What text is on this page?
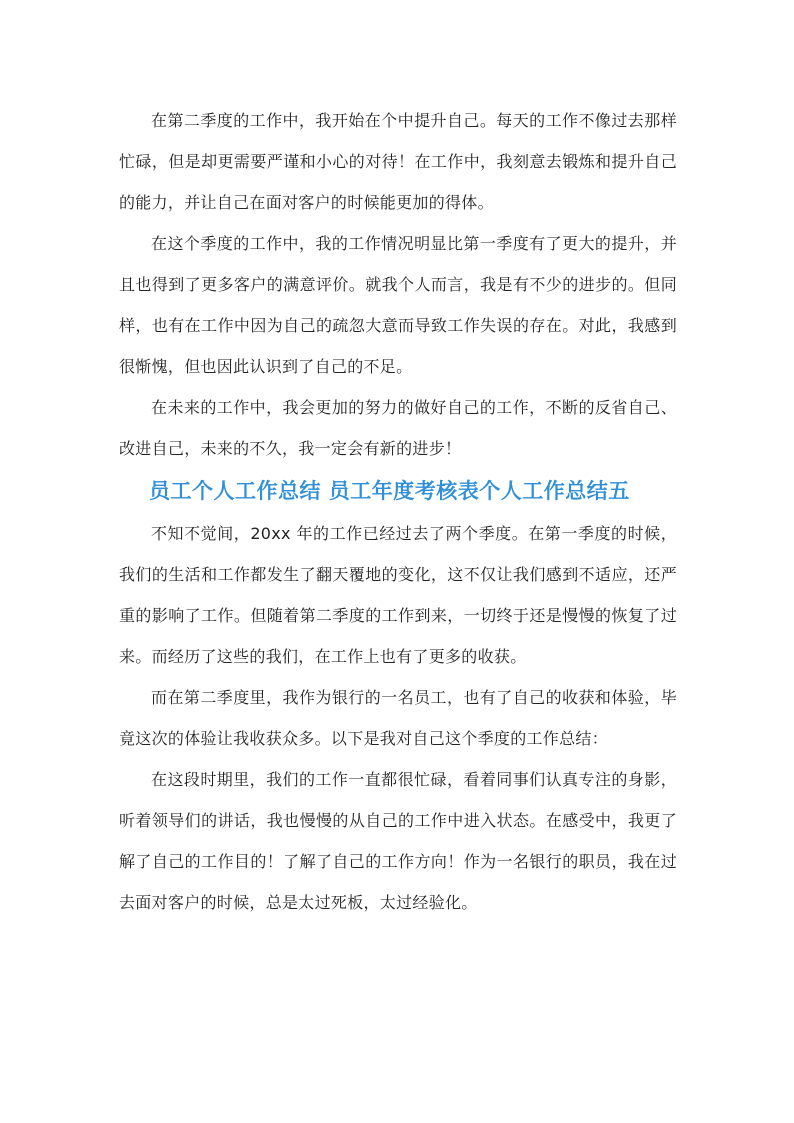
在第二季度的工作中，我开始在个中提升自己。每天的工作不像过去那样忙碌，但是却更需要严谨和小心的对待！在工作中，我刻意去锻炼和提升自己的能力，并让自己在面对客户的时候能更加的得体。

在这个季度的工作中，我的工作情况明显比第一季度有了更大的提升，并且也得到了更多客户的满意评价。就我个人而言，我是有不少的进步的。但同样，也有在工作中因为自己的疏忽大意而导致工作失误的存在。对此，我感到很惭愧，但也因此认识到了自己的不足。

在未来的工作中，我会更加的努力的做好自己的工作，不断的反省自己、改进自己，未来的不久，我一定会有新的进步！

员工个人工作总结 员工年度考核表个人工作总结五

不知不觉间，20xx 年的工作已经过去了两个季度。在第一季度的时候，我们的生活和工作都发生了翻天覆地的变化，这不仅让我们感到不适应，还严重的影响了工作。但随着第二季度的工作到来，一切终于还是慢慢的恢复了过来。而经历了这些的我们，在工作上也有了更多的收获。

而在第二季度里，我作为银行的一名员工，也有了自己的收获和体验，毕竟这次的体验让我收获众多。以下是我对自己这个季度的工作总结：

在这段时期里，我们的工作一直都很忙碌，看着同事们认真专注的身影，听着领导们的讲话，我也慢慢的从自己的工作中进入状态。在感受中，我更了解了自己的工作目的！了解了自己的工作方向！作为一名银行的职员，我在过去面对客户的时候，总是太过死板，太过经验化。
